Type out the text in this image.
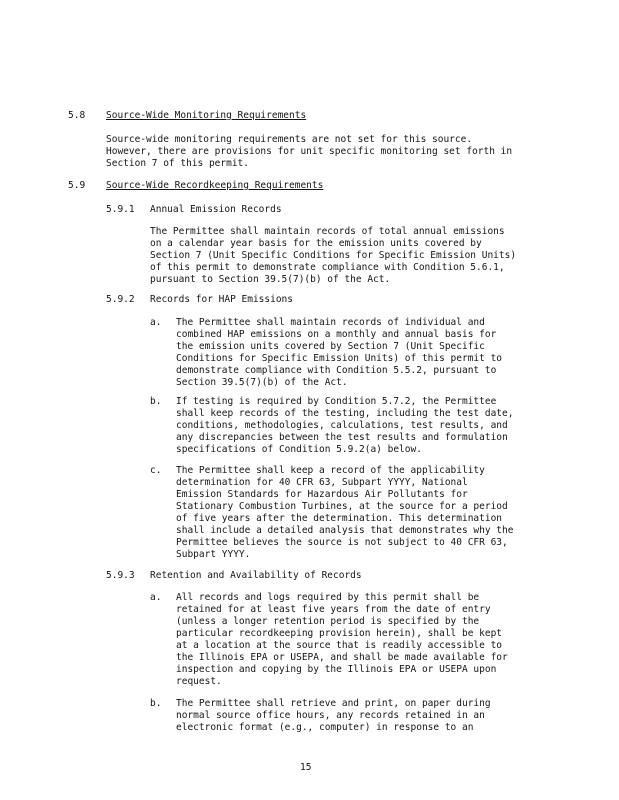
5.8 Source-Wide Monitoring Requirements
Source-wide monitoring requirements are not set for this source.
However, there are provisions for unit specific monitoring set forth in
Section 7 of this permit.
5.9 Source-Wide Recordkeeping Requirements
5.9.1 Annual Emission Records
The Permittee shall maintain records of total annual emissions
on a calendar year basis for the emission units covered by
Section 7 (Unit Specific Conditions for Specific Emission Units)
of this permit to demonstrate compliance with Condition 5.6.1,
pursuant to Section 39.5(7)(b) of the Act.
5.9.2 Records for HAP Emissions
a. The Permittee shall maintain records of individual and
combined HAP emissions on a monthly and annual basis for
the emission units covered by Section 7 (Unit Specific
Conditions for Specific Emission Units) of this permit to
demonstrate compliance with Condition 5.5.2, pursuant to
Section 39.5(7)(b) of the Act.
b. If testing is required by Condition 5.7.2, the Permittee
shall keep records of the testing, including the test date,
conditions, methodologies, calculations, test results, and
any discrepancies between the test results and formulation
specifications of Condition 5.9.2(a) below.
c. The Permittee shall keep a record of the applicability
determination for 40 CFR 63, Subpart YYYY, National
Emission Standards for Hazardous Air Pollutants for
Stationary Combustion Turbines, at the source for a period
of five years after the determination. This determination
shall include a detailed analysis that demonstrates why the
Permittee believes the source is not subject to 40 CFR 63,
Subpart YYYY.
5.9.3 Retention and Availability of Records
a. All records and logs required by this permit shall be
retained for at least five years from the date of entry
(unless a longer retention period is specified by the
particular recordkeeping provision herein), shall be kept
at a location at the source that is readily accessible to
the Illinois EPA or USEPA, and shall be made available for
inspection and copying by the Illinois EPA or USEPA upon
request.
b. The Permittee shall retrieve and print, on paper during
normal source office hours, any records retained in an
electronic format (e.g., computer) in response to an
15
